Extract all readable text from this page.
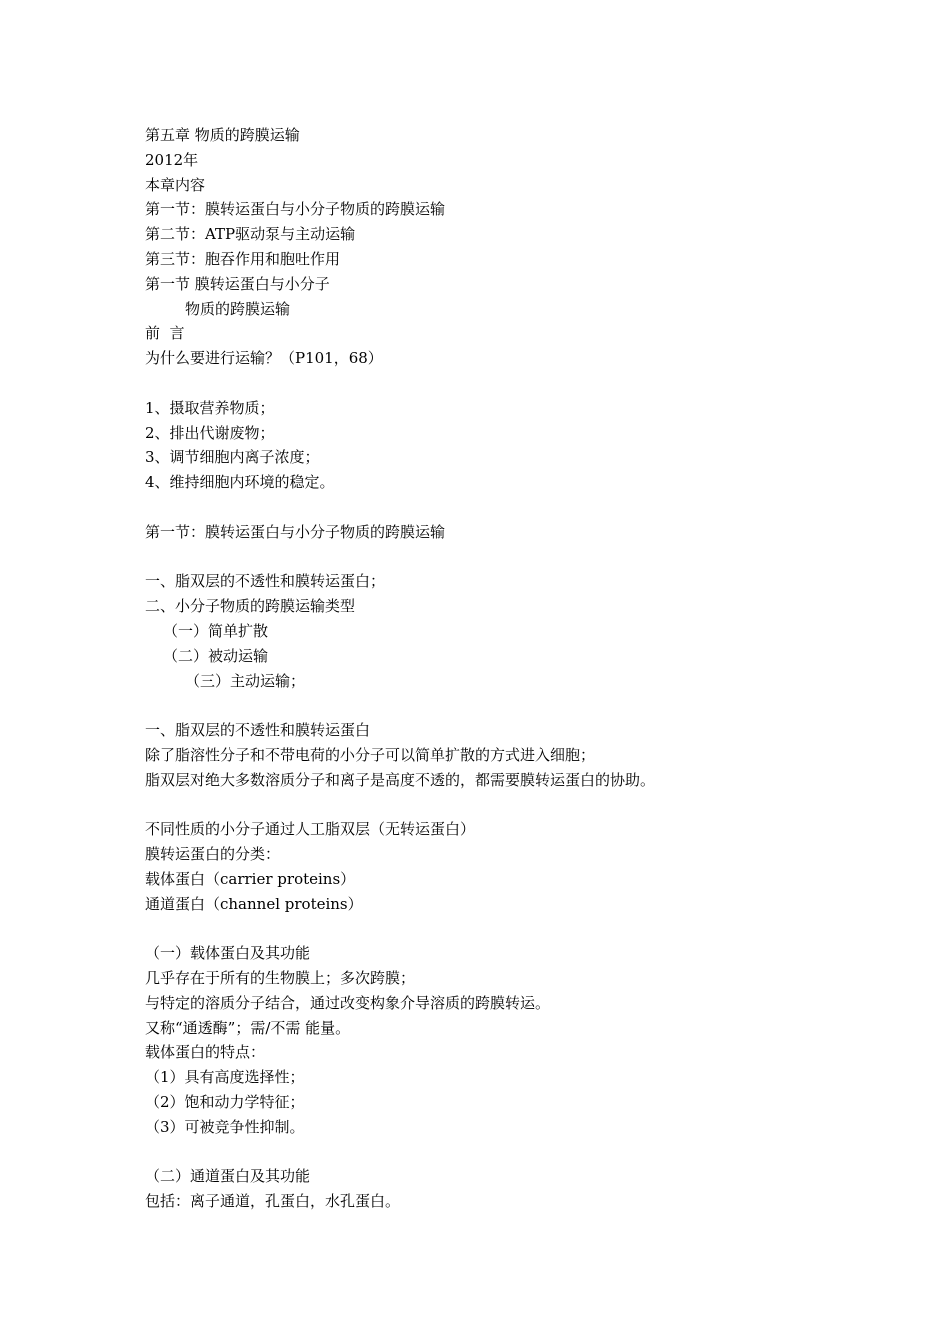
第五章 物质的跨膜运输
2012年
本章内容
第一节：膜转运蛋白与小分子物质的跨膜运输
第二节：ATP驱动泵与主动运输
第三节：胞吞作用和胞吐作用
第一节 膜转运蛋白与小分子
物质的跨膜运输
前  言
为什么要进行运输？（P101，68）
1、摄取营养物质；
2、排出代谢废物；
3、调节细胞内离子浓度；
4、维持细胞内环境的稳定。
第一节：膜转运蛋白与小分子物质的跨膜运输
一、脂双层的不透性和膜转运蛋白；
二、小分子物质的跨膜运输类型
（一）简单扩散
（二）被动运输
（三）主动运输；
一、脂双层的不透性和膜转运蛋白
除了脂溶性分子和不带电荷的小分子可以简单扩散的方式进入细胞；
脂双层对绝大多数溶质分子和离子是高度不透的，都需要膜转运蛋白的协助。
不同性质的小分子通过人工脂双层（无转运蛋白）
膜转运蛋白的分类：
载体蛋白（carrier proteins）
通道蛋白（channel proteins）
（一）载体蛋白及其功能
几乎存在于所有的生物膜上；多次跨膜；
与特定的溶质分子结合，通过改变构象介导溶质的跨膜转运。
又称“通透酶”；需/不需 能量。
载体蛋白的特点：
（1）具有高度选择性；
（2）饱和动力学特征；
（3）可被竞争性抑制。
（二）通道蛋白及其功能
包括：离子通道，孔蛋白，水孔蛋白。
